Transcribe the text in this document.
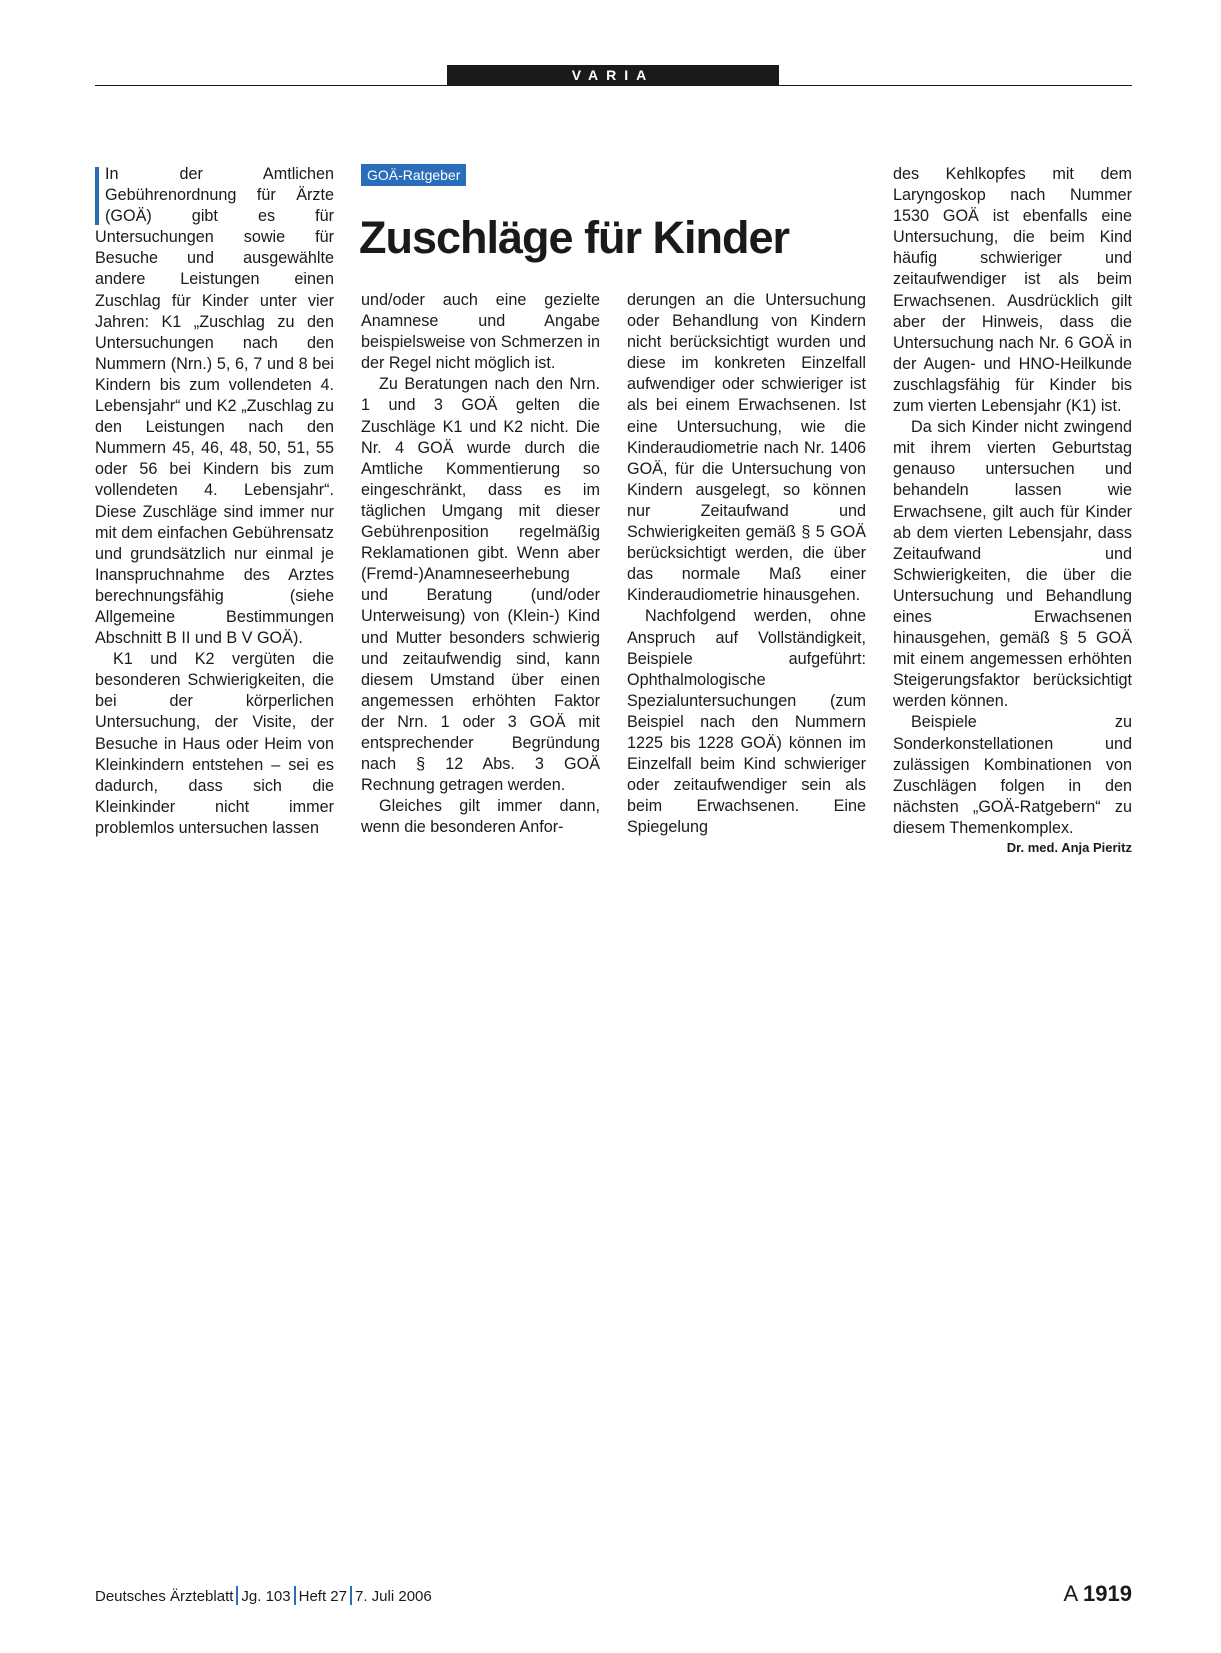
VARIA

In der Amtlichen Gebührenordnung für Ärzte (GOÄ) gibt es für Untersuchungen sowie für Besuche und ausgewählte andere Leistungen einen Zuschlag für Kinder unter vier Jahren: K1 „Zuschlag zu den Untersuchungen nach den Nummern (Nrn.) 5, 6, 7 und 8 bei Kindern bis zum vollendeten 4. Lebensjahr“ und K2 „Zuschlag zu den Leistungen nach den Nummern 45, 46, 48, 50, 51, 55 oder 56 bei Kindern bis zum vollendeten 4. Lebensjahr“. Diese Zuschläge sind immer nur mit dem einfachen Gebührensatz und grundsätzlich nur einmal je Inanspruchnahme des Arztes berechnungsfähig (siehe Allgemeine Bestimmungen Abschnitt B II und B V GOÄ).

K1 und K2 vergüten die besonderen Schwierigkeiten, die bei der körperlichen Untersuchung, der Visite, der Besuche in Haus oder Heim von Kleinkindern entstehen – sei es dadurch, dass sich die Kleinkinder nicht immer problemlos untersuchen lassen

GOÄ-Ratgeber
Zuschläge für Kinder

und/oder auch eine gezielte Anamnese und Angabe beispielsweise von Schmerzen in der Regel nicht möglich ist.

Zu Beratungen nach den Nrn. 1 und 3 GOÄ gelten die Zuschläge K1 und K2 nicht. Die Nr. 4 GOÄ wurde durch die Amtliche Kommentierung so eingeschränkt, dass es im täglichen Umgang mit dieser Gebührenposition regelmäßig Reklamationen gibt. Wenn aber (Fremd-)Anamneseerhebung und Beratung (und/oder Unterweisung) von (Klein-) Kind und Mutter besonders schwierig und zeitaufwendig sind, kann diesem Umstand über einen angemessen erhöhten Faktor der Nrn. 1 oder 3 GOÄ mit entsprechender Begründung nach § 12 Abs. 3 GOÄ Rechnung getragen werden.

Gleiches gilt immer dann, wenn die besonderen Anfor-

derungen an die Untersuchung oder Behandlung von Kindern nicht berücksichtigt wurden und diese im konkreten Einzelfall aufwendiger oder schwieriger ist als bei einem Erwachsenen. Ist eine Untersuchung, wie die Kinderaudiometrie nach Nr. 1406 GOÄ, für die Untersuchung von Kindern ausgelegt, so können nur Zeitaufwand und Schwierigkeiten gemäß § 5 GOÄ berücksichtigt werden, die über das normale Maß einer Kinderaudiometrie hinausgehen.

Nachfolgend werden, ohne Anspruch auf Vollständigkeit, Beispiele aufgeführt: Ophthalmologische Spezialuntersuchungen (zum Beispiel nach den Nummern 1225 bis 1228 GOÄ) können im Einzelfall beim Kind schwieriger oder zeitaufwendiger sein als beim Erwachsenen. Eine Spiegelung

des Kehlkopfes mit dem Laryngoskop nach Nummer 1530 GOÄ ist ebenfalls eine Untersuchung, die beim Kind häufig schwieriger und zeitaufwendiger ist als beim Erwachsenen. Ausdrücklich gilt aber der Hinweis, dass die Untersuchung nach Nr. 6 GOÄ in der Augen- und HNO-Heilkunde zuschlagsfähig für Kinder bis zum vierten Lebensjahr (K1) ist.

Da sich Kinder nicht zwingend mit ihrem vierten Geburtstag genauso untersuchen und behandeln lassen wie Erwachsene, gilt auch für Kinder ab dem vierten Lebensjahr, dass Zeitaufwand und Schwierigkeiten, die über die Untersuchung und Behandlung eines Erwachsenen hinausgehen, gemäß § 5 GOÄ mit einem angemessen erhöhten Steigerungsfaktor berücksichtigt werden können.

Beispiele zu Sonderkonstellationen und zulässigen Kombinationen von Zuschlägen folgen in den nächsten „GOÄ-Ratgebern“ zu diesem Themenkomplex.

Dr. med. Anja Pieritz

Deutsches Ärzteblatt Jg. 103 Heft 27 7. Juli 2006	A 1919
